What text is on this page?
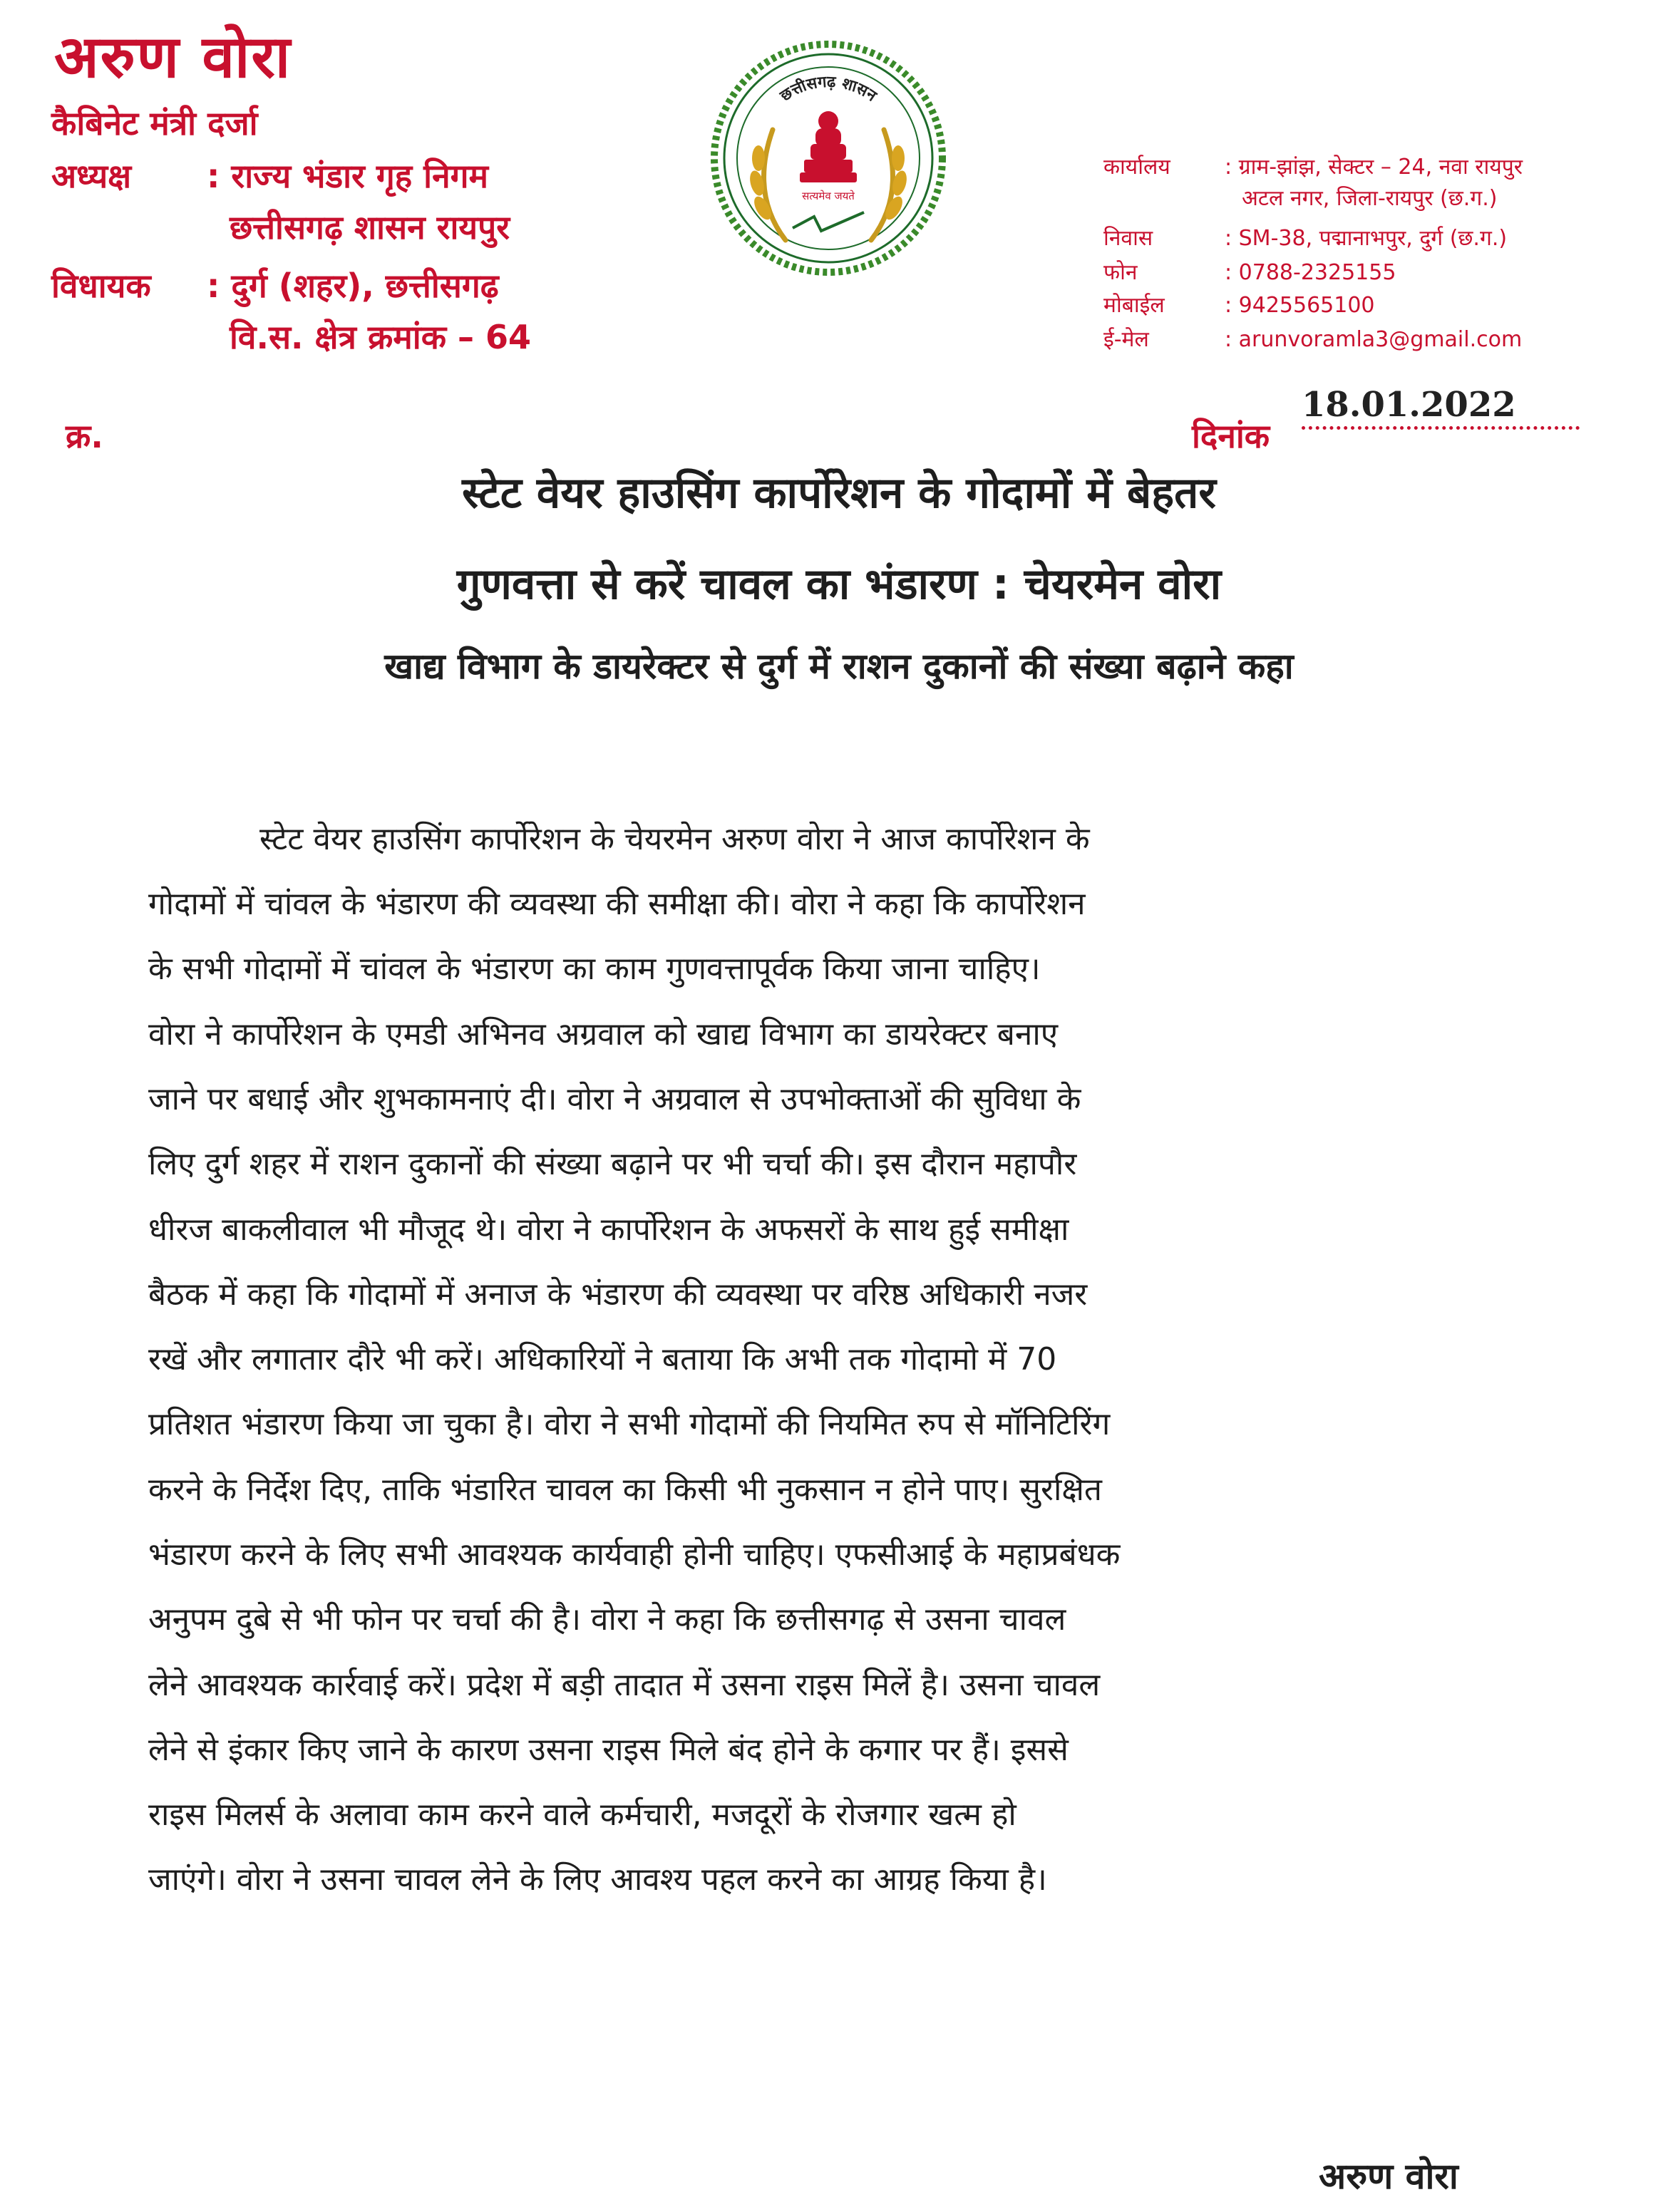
अरुण वोरा
कैबिनेट मंत्री दर्जा
अध्यक्ष : राज्य भंडार गृह निगम
छत्तीसगढ़ शासन रायपुर
विधायक : दुर्ग (शहर), छत्तीसगढ़
वि.स. क्षेत्र क्रमांक – 64
छत्तीसगढ़ शासन
सत्यमेव जयते
कार्यालय	: ग्राम-झांझ, सेक्टर – 24, नवा रायपुर
अटल नगर, जिला-रायपुर (छ.ग.)
निवास	: SM-38, पद्मानाभपुर, दुर्ग (छ.ग.)
फोन	: 0788-2325155
मोबाईल	: 9425565100
ई-मेल	: arunvoramla3@gmail.com
क्र.	दिनांक
18.01.2022
स्टेट वेयर हाउसिंग कार्पोरेशन के गोदामों में बेहतर
गुणवत्ता से करें चावल का भंडारण : चेयरमेन वोरा
खाद्य विभाग के डायरेक्टर से दुर्ग में राशन दुकानों की संख्या बढ़ाने कहा
स्टेट वेयर हाउसिंग कार्पोरेशन के चेयरमेन अरुण वोरा ने आज कार्पोरेशन के
गोदामों में चांवल के भंडारण की व्यवस्था की समीक्षा की। वोरा ने कहा कि कार्पोरेशन
के सभी गोदामों में चांवल के भंडारण का काम गुणवत्तापूर्वक किया जाना चाहिए।
वोरा ने कार्पोरेशन के एमडी अभिनव अग्रवाल को खाद्य विभाग का डायरेक्टर बनाए
जाने पर बधाई और शुभकामनाएं दी। वोरा ने अग्रवाल से उपभोक्ताओं की सुविधा के
लिए दुर्ग शहर में राशन दुकानों की संख्या बढ़ाने पर भी चर्चा की। इस दौरान महापौर
धीरज बाकलीवाल भी मौजूद थे। वोरा ने कार्पोरेशन के अफसरों के साथ हुई समीक्षा
बैठक में कहा कि गोदामों में अनाज के भंडारण की व्यवस्था पर वरिष्ठ अधिकारी नजर
रखें और लगातार दौरे भी करें। अधिकारियों ने बताया कि अभी तक गोदामो में 70
प्रतिशत भंडारण किया जा चुका है। वोरा ने सभी गोदामों की नियमित रुप से मॉनिटिरिंग
करने के निर्देश दिए, ताकि भंडारित चावल का किसी भी नुकसान न होने पाए। सुरक्षित
भंडारण करने के लिए सभी आवश्यक कार्यवाही होनी चाहिए। एफसीआई के महाप्रबंधक
अनुपम दुबे से भी फोन पर चर्चा की है। वोरा ने कहा कि छत्तीसगढ़ से उसना चावल
लेने आवश्यक कार्रवाई करें। प्रदेश में बड़ी तादात में उसना राइस मिलें है। उसना चावल
लेने से इंकार किए जाने के कारण उसना राइस मिले बंद होने के कगार पर हैं। इससे
राइस मिलर्स के अलावा काम करने वाले कर्मचारी, मजदूरों के रोजगार खत्म हो
जाएंगे। वोरा ने उसना चावल लेने के लिए आवश्य पहल करने का आग्रह किया है।
अरुण वोरा
